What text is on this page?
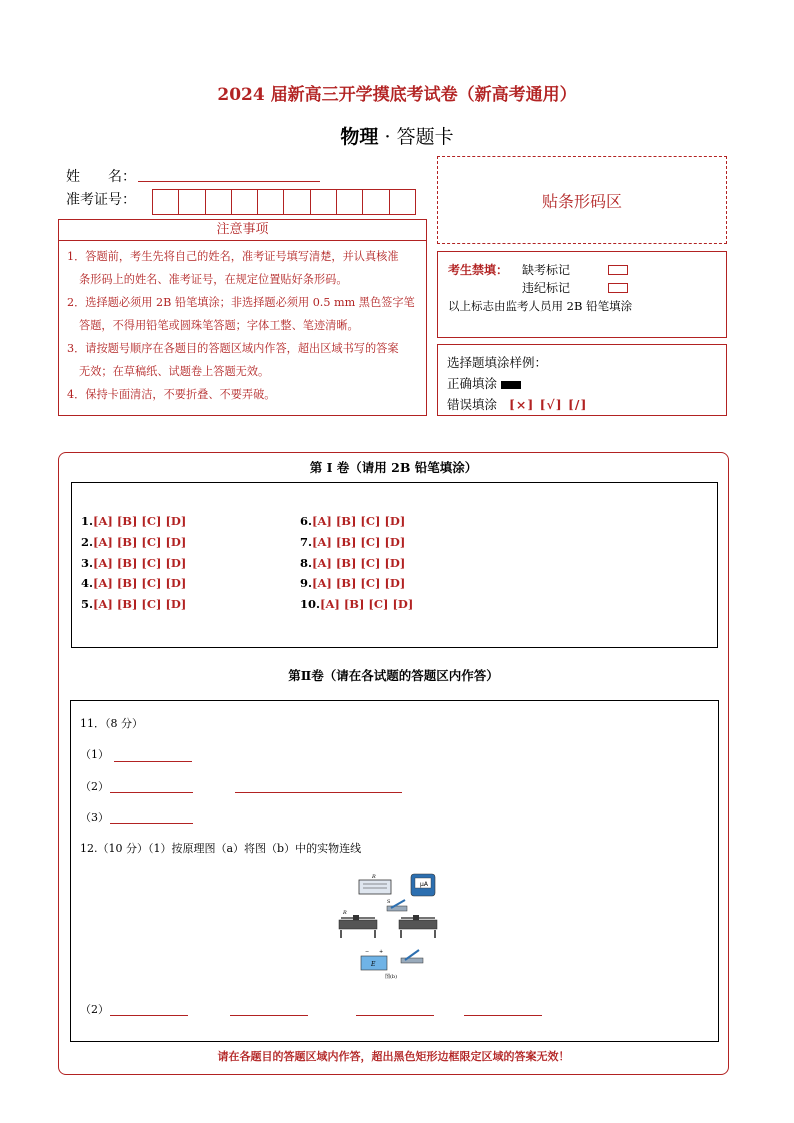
2024 届新高三开学摸底考试卷（新高考通用）
物理 · 答题卡
姓　　名：
准考证号：	贴条形码区
注意事项

1．答题前，考生先将自己的姓名，准考证号填写清楚，并认真核准

条形码上的姓名、准考证号，在规定位置贴好条形码。

2．选择题必须用 2B 铅笔填涂；非选择题必须用 0.5 mm 黑色签字笔

答题，不得用铅笔或圆珠笔答题；字体工整、笔迹清晰。

3．请按题号顺序在各题目的答题区域内作答，超出区域书写的答案

无效；在草稿纸、试题卷上答题无效。

4．保持卡面清洁，不要折叠、不要弄破。

考生禁填： 缺考标记
违纪标记
以上标志由监考人员用 2B 铅笔填涂
选择题填涂样例：
正确填涂
错误填涂 [×] [√] [/]
第 I 卷（请用 2B 铅笔填涂）
1.[A] [B] [C] [D]
2.[A] [B] [C] [D]
3.[A] [B] [C] [D]
4.[A] [B] [C] [D]
5.[A] [B] [C] [D]
6.[A] [B] [C] [D]
7.[A] [B] [C] [D]
8.[A] [B] [C] [D]
9.[A] [B] [C] [D]
10.[A] [B] [C] [D]
第Ⅱ卷（请在各试题的答题区内作答）
11．（8 分）
（1）
（2）
（3）
12.（10 分）（1）按原理图（a）将图（b）中的实物连线
R
μA
S
R
E
− +
图(b)
（2）
请在各题目的答题区域内作答，超出黑色矩形边框限定区域的答案无效！
